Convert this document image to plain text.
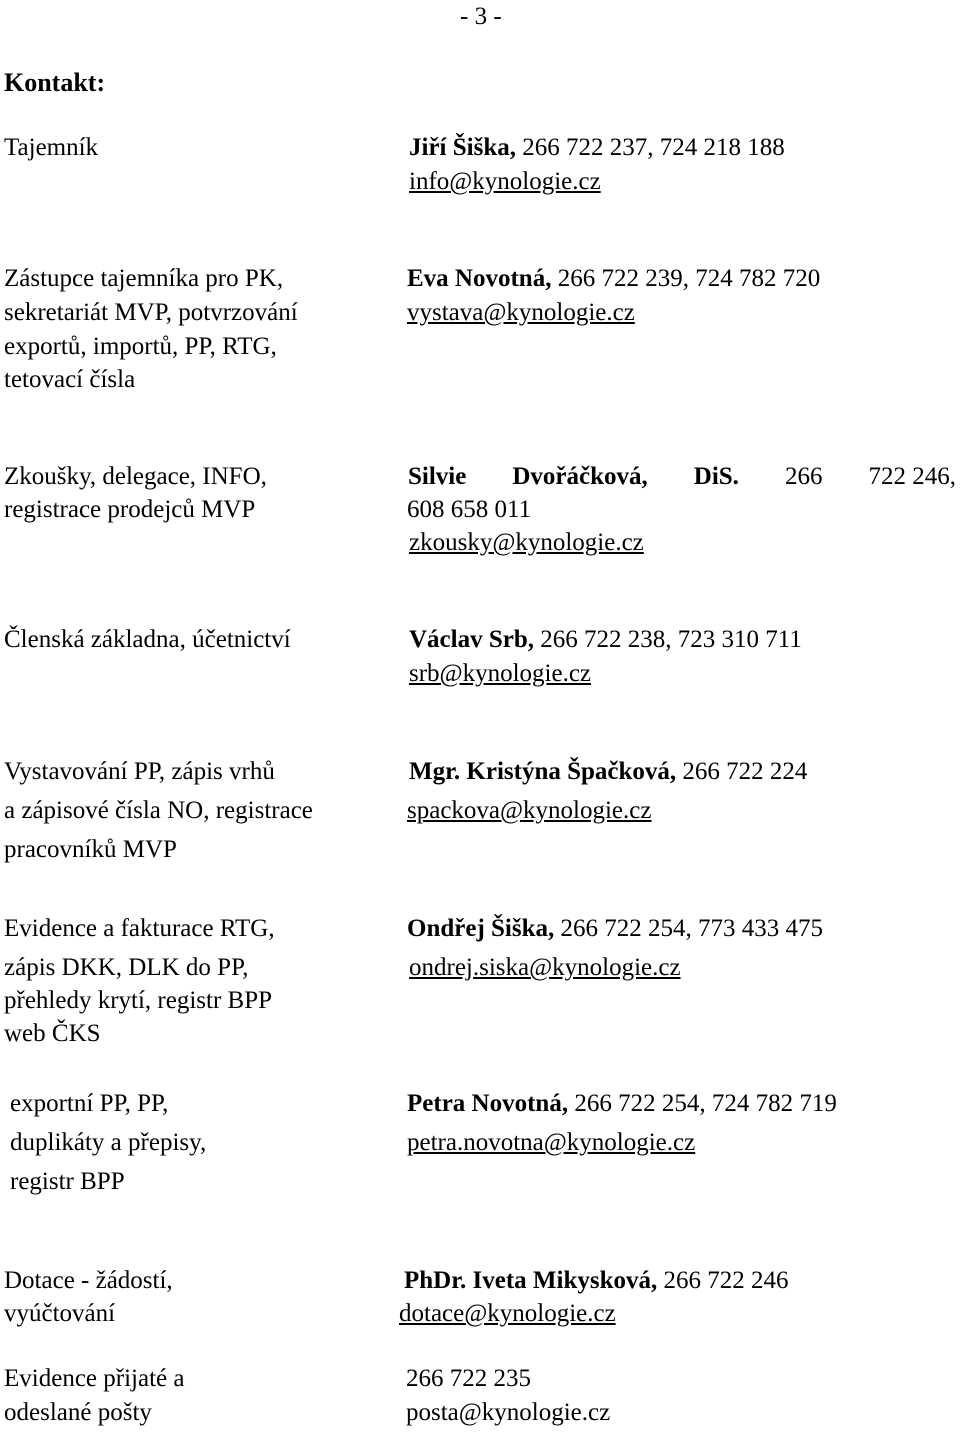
- 3 -
Kontakt:
Tajemník	Jiří Šiška, 266 722 237, 724 218 188
info@kynologie.cz
Zástupce tajemníka pro PK,
sekretariát MVP, potvrzování
exportů, importů, PP, RTG,
tetovací čísla
Eva Novotná, 266 722 239, 724 782 720
vystava@kynologie.cz
Zkoušky, delegace, INFO,
registrace prodejců MVP
Silvie Dvořáčková, DiS. 266 722 246,
608 658 011
zkousky@kynologie.cz
Členská základna, účetnictví	Václav Srb, 266 722 238, 723 310 711
srb@kynologie.cz
Vystavování PP, zápis vrhů
a zápisové čísla NO, registrace
pracovníků MVP
Mgr. Kristýna Špačková, 266 722 224
spackova@kynologie.cz
Evidence a fakturace RTG,
zápis DKK, DLK do PP,
přehledy krytí, registr BPP
web ČKS
Ondřej Šiška, 266 722 254, 773 433 475
ondrej.siska@kynologie.cz
exportní PP, PP,
duplikáty a přepisy,
registr BPP
Petra Novotná, 266 722 254, 724 782 719
petra.novotna@kynologie.cz
Dotace - žádostí,
vyúčtování
PhDr. Iveta Mikysková, 266 722 246
dotace@kynologie.cz
Evidence přijaté a
odeslané pošty
266 722 235
posta@kynologie.cz
